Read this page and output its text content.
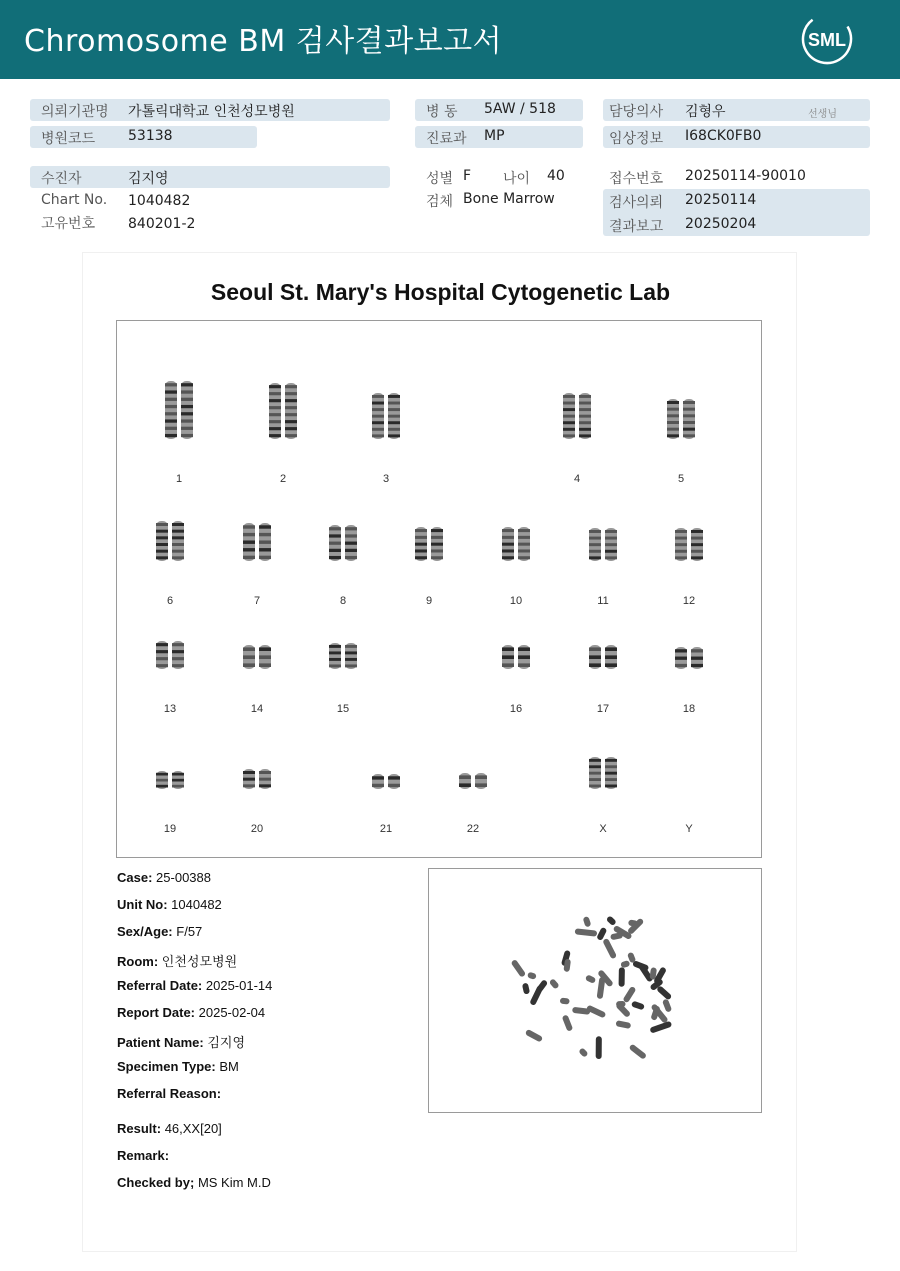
Chromosome BM 검사결과보고서	SML
의뢰기관명 가톨릭대학교 인천성모병원
병원코드 53138
수진자	김지영
Chart No. 1040482
고유번호 840201-2
병 동 5AW / 518
진료과 MP
성별 F 나이 40
검체 Bone Marrow
담당의사 김형우	선생님
임상정보 I68CK0FB0
접수번호 20250114-90010
검사의뢰 20250114
결과보고 20250204
Seoul St. Mary's Hospital Cytogenetic Lab
1	2	3	4	5
6	7	8	9	10	11	12
13	14	15	16	17	18
19	20	21	22	X	Y
Case: 25-00388
Unit No: 1040482
Sex/Age: F/57
Room: 인천성모병원
Referral Date: 2025-01-14
Report Date: 2025-02-04
Patient Name: 김지영
Specimen Type: BM
Referral Reason:
Result: 46,XX[20]
Remark:
Checked by; MS Kim M.D
